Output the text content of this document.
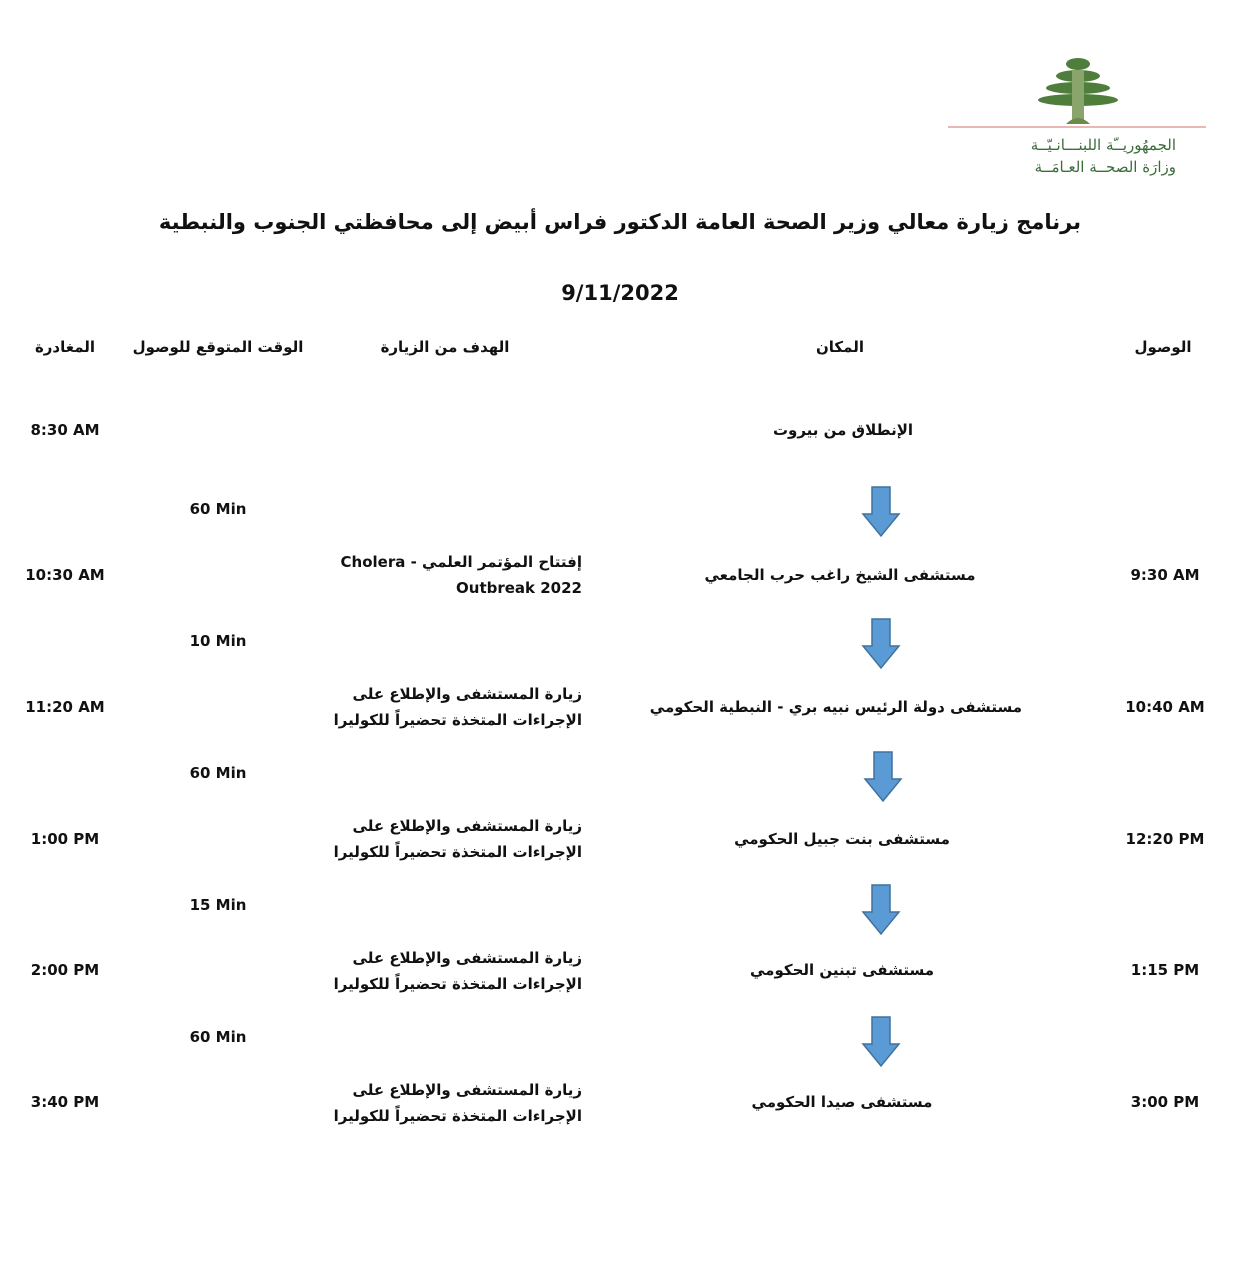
الجمهُوريــّة اللبنـــانـيّــة
وزارَة الصحــة العـامَــة
برنامج زيارة معالي وزير الصحة العامة الدكتور فراس أبيض إلى محافظتي الجنوب والنبطية
9/11/2022
الوصول
المكان
الهدف من الزيارة
الوقت المتوقع للوصول
المغادرة
الإنطلاق من بيروت
8:30 AM
60 Min
9:30 AM
مستشفى الشيخ راغب حرب الجامعي
إفتتاح المؤتمر العلمي - Cholera
Outbreak 2022
10:30 AM
10 Min
10:40 AM
مستشفى دولة الرئيس نبيه بري - النبطية الحكومي
زيارة المستشفى والإطلاع على
الإجراءات المتخذة تحضيراً للكوليرا
11:20 AM
60 Min
12:20 PM
مستشفى بنت جبيل الحكومي
زيارة المستشفى والإطلاع على
الإجراءات المتخذة تحضيراً للكوليرا
1:00 PM
15 Min
1:15 PM
مستشفى تبنين الحكومي
زيارة المستشفى والإطلاع على
الإجراءات المتخذة تحضيراً للكوليرا
2:00 PM
60 Min
3:00 PM
مستشفى صيدا الحكومي
زيارة المستشفى والإطلاع على
الإجراءات المتخذة تحضيراً للكوليرا
3:40 PM
